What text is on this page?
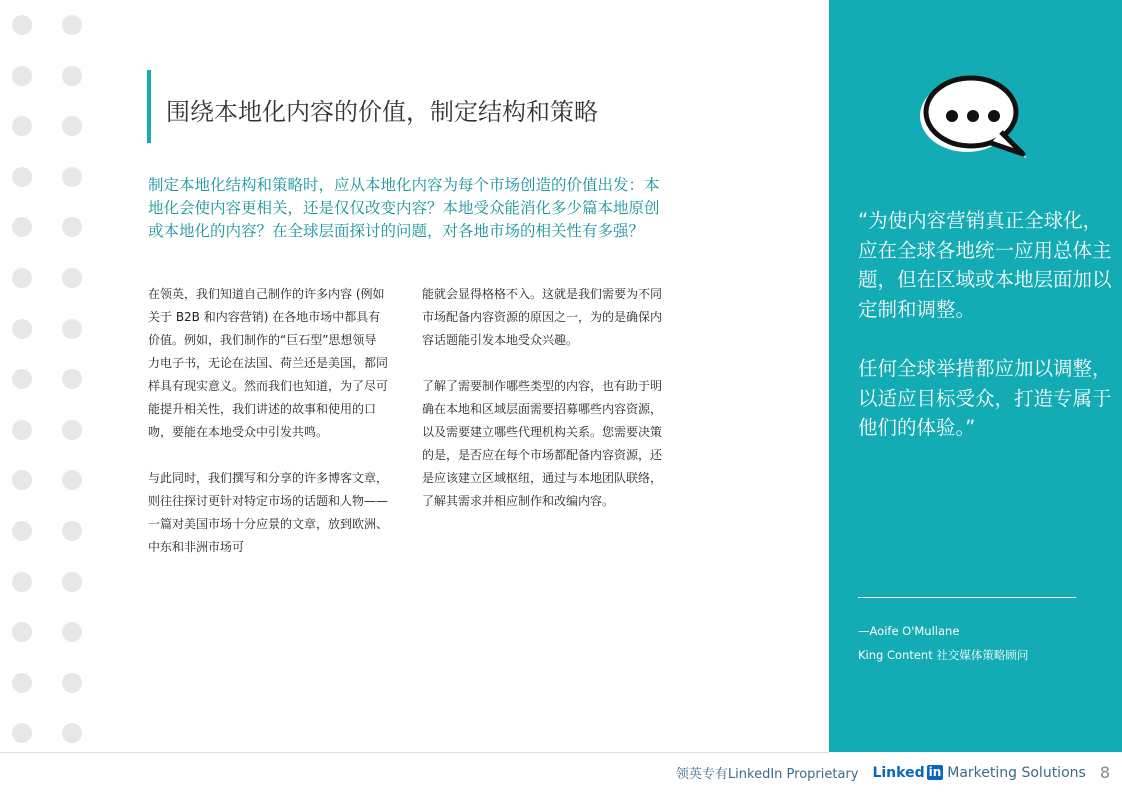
围绕本地化内容的价值，制定结构和策略
制定本地化结构和策略时，应从本地化内容为每个市场创造的价值出发：本地化会使内容更相关，还是仅仅改变内容？本地受众能消化多少篇本地原创或本地化的内容？在全球层面探讨的问题，对各地市场的相关性有多强？

在领英，我们知道自己制作的许多内容 (例如关于 B2B 和内容营销) 在各地市场中都具有价值。例如，我们制作的“巨石型”思想领导力电子书，无论在法国、荷兰还是美国，都同样具有现实意义。然而我们也知道，为了尽可能提升相关性，我们讲述的故事和使用的口吻，要能在本地受众中引发共鸣。

与此同时，我们撰写和分享的许多博客文章，则往往探讨更针对特定市场的话题和人物——一篇对美国市场十分应景的文章，放到欧洲、中东和非洲市场可

能就会显得格格不入。这就是我们需要为不同市场配备内容资源的原因之一，为的是确保内容话题能引发本地受众兴趣。

了解了需要制作哪些类型的内容，也有助于明确在本地和区域层面需要招募哪些内容资源，以及需要建立哪些代理机构关系。您需要决策的是，是否应在每个市场都配备内容资源，还是应该建立区域枢纽，通过与本地团队联络，了解其需求并相应制作和改编内容。

“为使内容营销真正全球化，应在全球各地统一应用总体主题，但在区域或本地层面加以定制和调整。

任何全球举措都应加以调整，以适应目标受众，打造专属于他们的体验。”

—Aoife O'Mullane
King Content 社交媒体策略顾问
领英专有LinkedIn Proprietary Linked in Marketing Solutions 8
